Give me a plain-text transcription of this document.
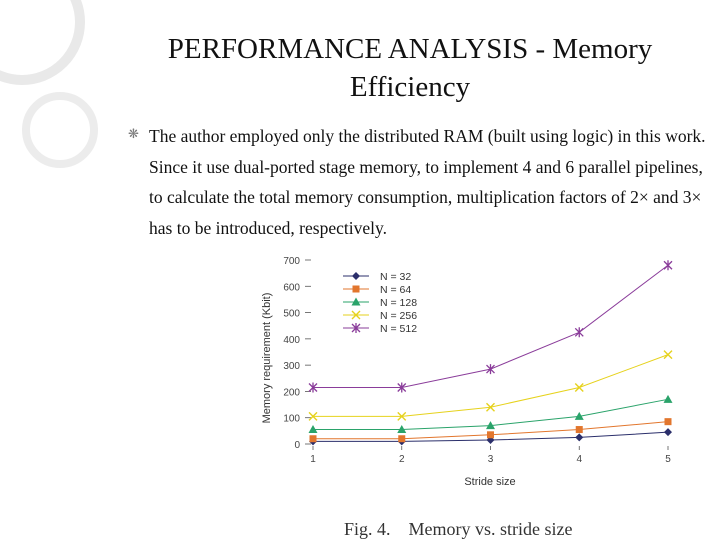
PERFORMANCE ANALYSIS - Memory Efficiency
❋ The author employed only the distributed RAM (built using logic) in this work. Since it use dual-ported stage memory, to implement 4 and 6 parallel pipelines, to calculate the total memory consumption, multiplication factors of 2× and 3× has to be introduced, respectively.
0
100
200
300
400
500
600
700
1	2	3	4	5
N = 32
N = 64
N = 128
N = 256
N = 512
Memory requirement (Kbit)
Stride size
Fig. 4.    Memory vs. stride size
